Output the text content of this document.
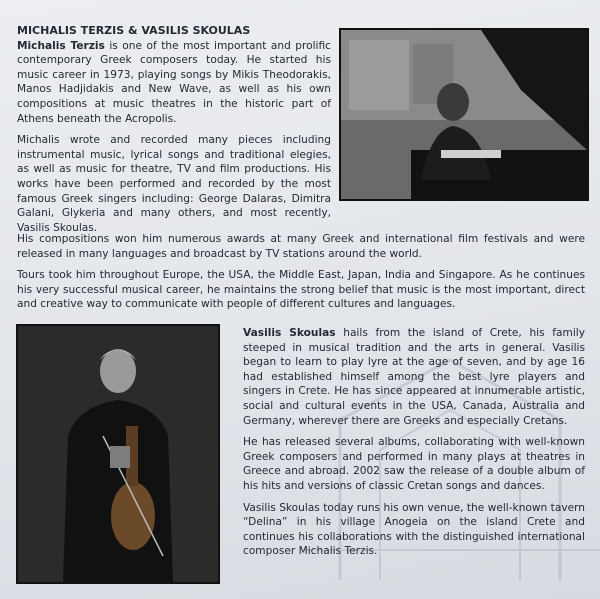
MICHALIS TERZIS & VASILIS SKOULAS

Michalis Terzis is one of the most important and prolific contemporary Greek composers today. He started his music career in 1973, playing songs by Mikis Theodorakis, Manos Hadjidakis and New Wave, as well as his own compositions at music theatres in the historic part of Athens beneath the Acropolis.

Michalis wrote and recorded many pieces including instrumental music, lyrical songs and traditional elegies, as well as music for theatre, TV and film productions. His works have been performed and recorded by the most famous Greek singers including: George Dalaras, Dimitra Galani, Glykeria and many others, and most recently, Vasilis Skoulas.

His compositions won him numerous awards at many Greek and international film festivals and were released in many languages and broadcast by TV stations around the world.

Tours took him throughout Europe, the USA, the Middle East, Japan, India and Singapore. As he continues his very successful musical career, he maintains the strong belief that music is the most important, direct and creative way to communicate with people of different cultures and languages.

Vasilis Skoulas hails from the island of Crete, his family steeped in musical tradition and the arts in general. Vasilis began to learn to play lyre at the age of seven, and by age 16 had established himself among the best lyre players and singers in Crete. He has since appeared at innumerable artistic, social and cultural events in the USA, Canada, Australia and Germany, wherever there are Greeks and especially Cretans.

He has released several albums, collaborating with well-known Greek composers and performed in many plays at theatres in Greece and abroad. 2002 saw the release of a double album of his hits and versions of classic Cretan songs and dances.

Vasilis Skoulas today runs his own venue, the well-known tavern “Delina” in his village Anogeia on the island Crete and continues his collaborations with the distinguished international composer Michalis Terzis.
